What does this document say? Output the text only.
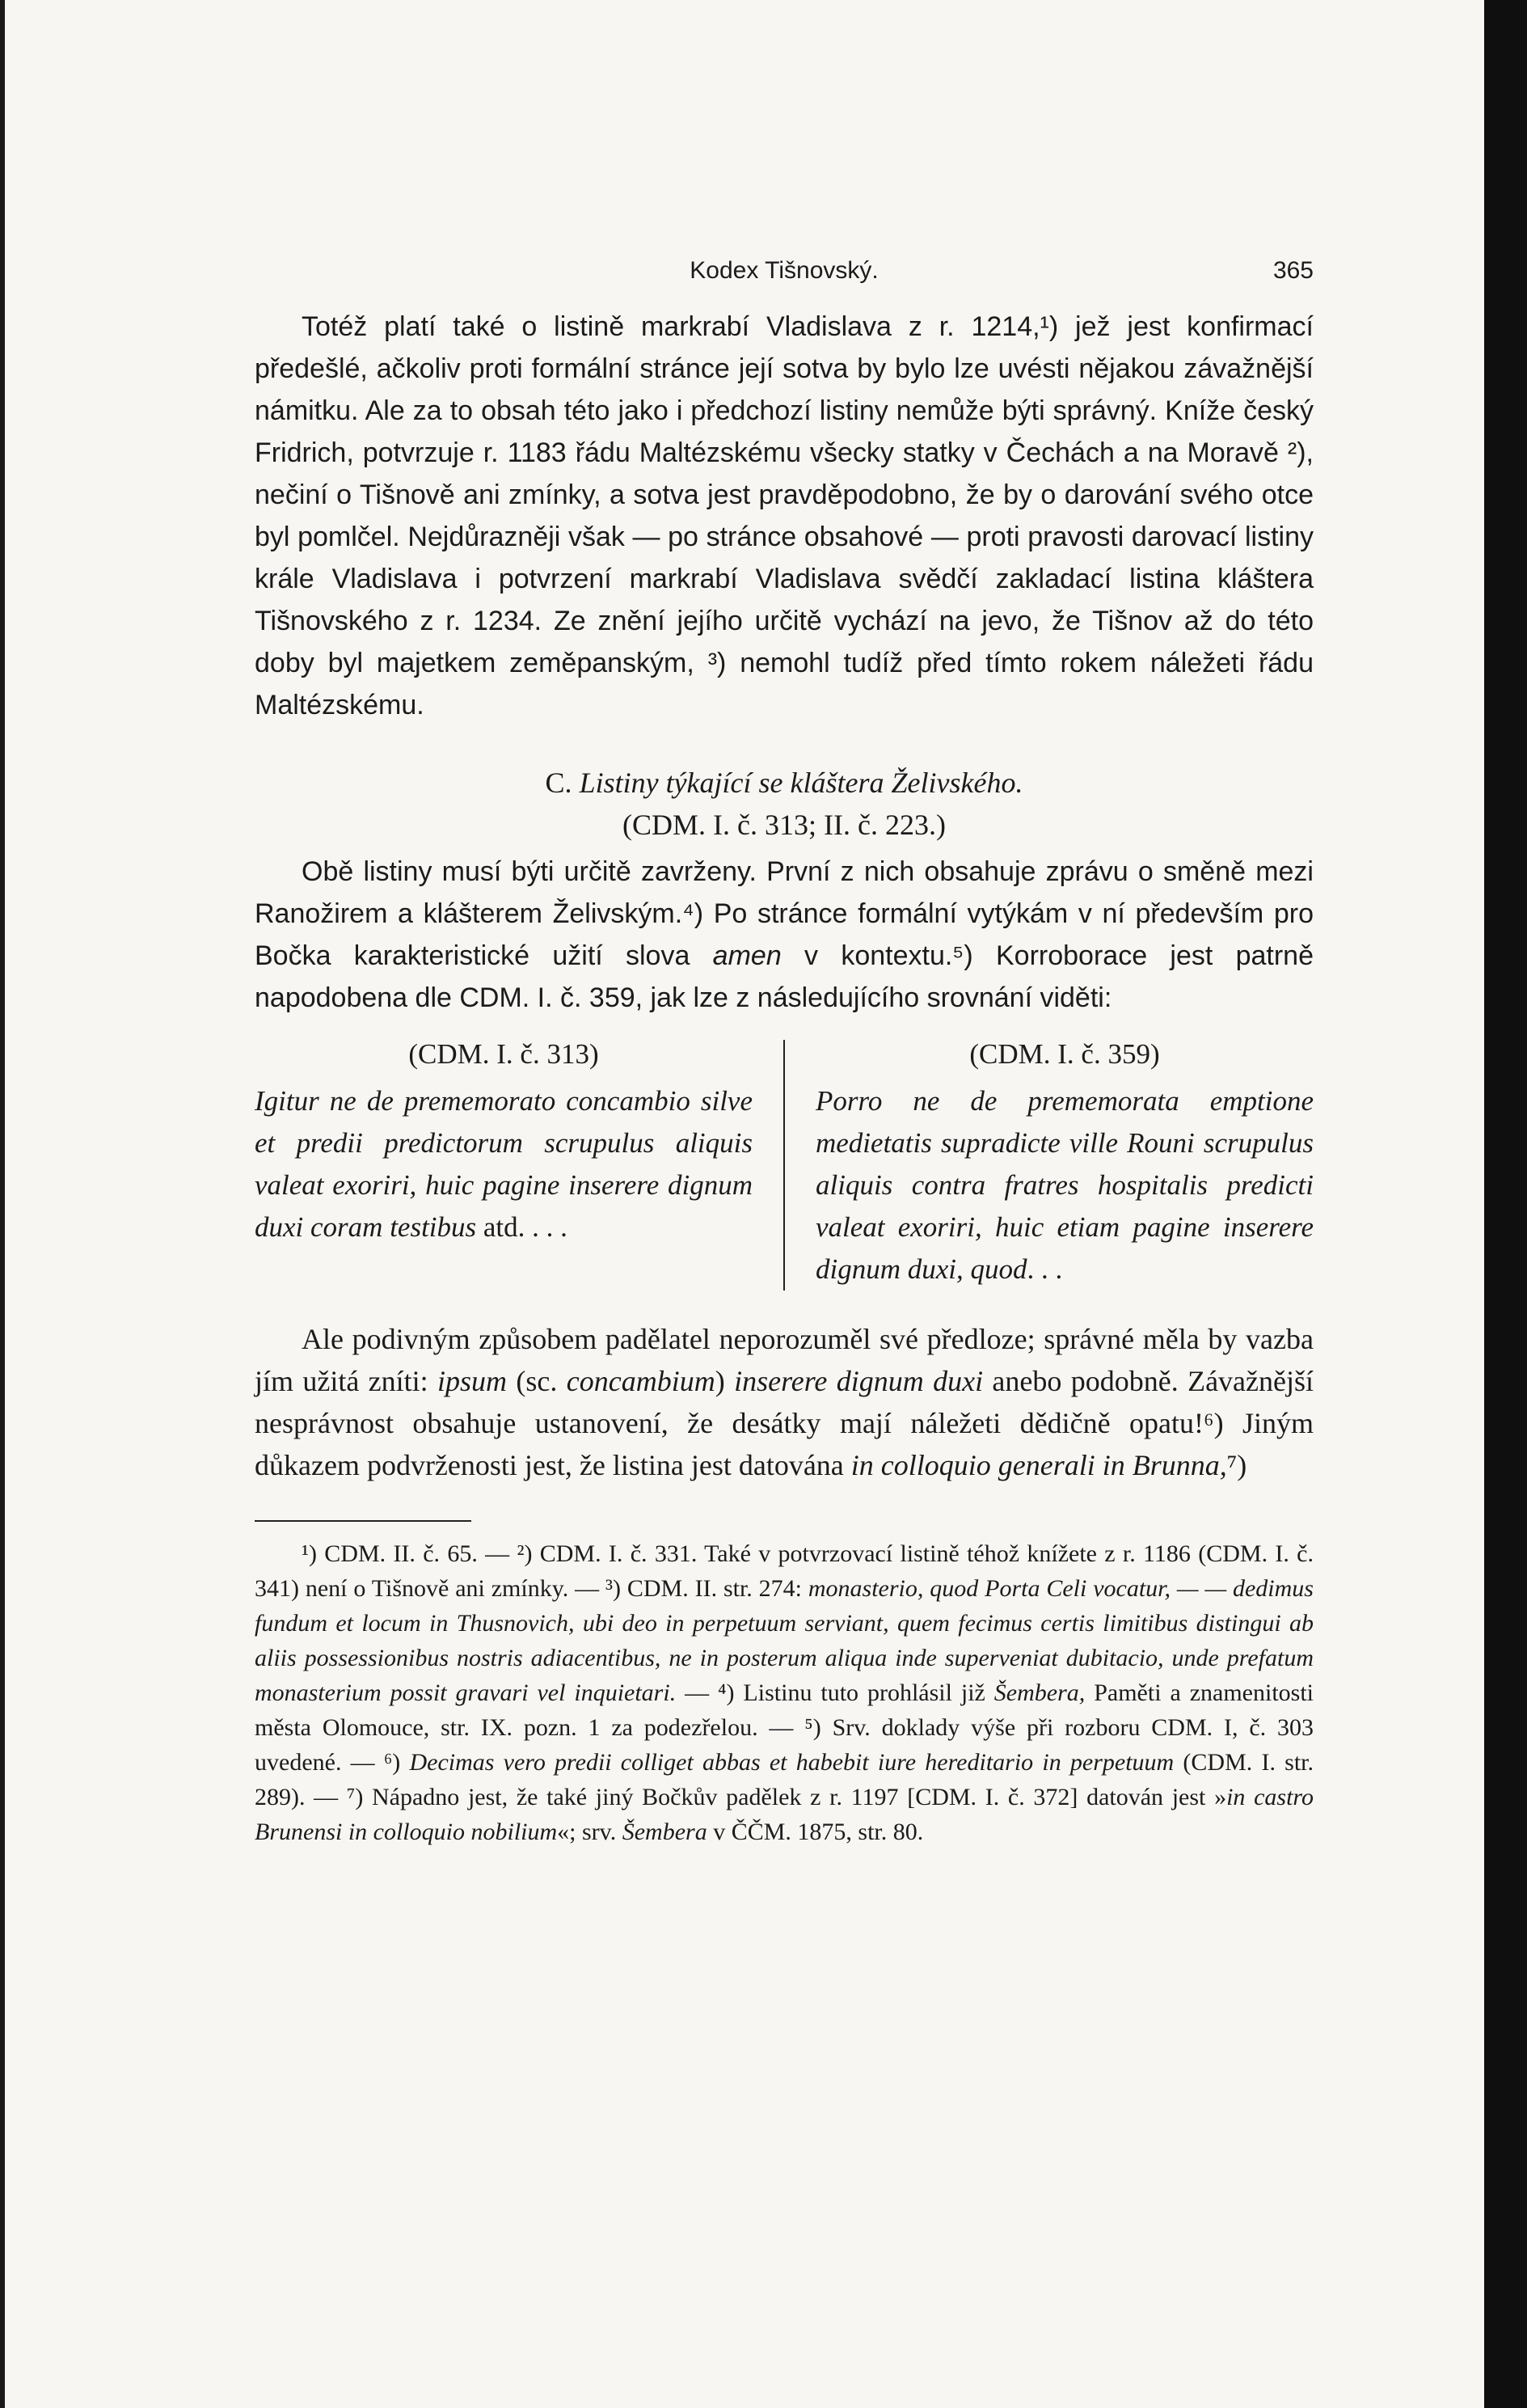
Kodex Tišnovský.	365

Totéž platí také o listině markrabí Vladislava z r. 1214,¹) jež jest konfirmací předešlé, ačkoliv proti formální stránce její sotva by bylo lze uvésti nějakou závažnější námitku. Ale za to obsah této jako i předchozí listiny nemůže býti správný. Kníže český Fridrich, potvrzuje r. 1183 řádu Maltézskému všecky statky v Čechách a na Moravě ²), nečiní o Tišnově ani zmínky, a sotva jest pravděpodobno, že by o darování svého otce byl pomlčel. Nejdůrazněji však — po stránce obsahové — proti pravosti darovací listiny krále Vladislava i potvrzení markrabí Vladislava svědčí zakladací listina kláštera Tišnovského z r. 1234. Ze znění jejího určitě vychází na jevo, že Tišnov až do této doby byl majetkem zeměpanským, ³) nemohl tudíž před tímto rokem náležeti řádu Maltézskému.

C. Listiny týkající se kláštera Želivského.
(CDM. I. č. 313; II. č. 223.)

Obě listiny musí býti určitě zavrženy. První z nich obsahuje zprávu o směně mezi Ranožirem a klášterem Želivským.⁴) Po stránce formální vytýkám v ní především pro Bočka karakteristické užití slova amen v kontextu.⁵) Korroborace jest patrně napodobena dle CDM. I. č. 359, jak lze z následujícího srovnání viděti:

(CDM. I. č. 313)
Igitur ne de prememorato concambio silve et predii predictorum scrupulus aliquis valeat exoriri, huic pagine inserere dignum duxi coram testibus atd. . . .
(CDM. I. č. 359)
Porro ne de prememorata emptione medietatis supradicte ville Rouni scrupulus aliquis contra fratres hospitalis predicti valeat exoriri, huic etiam pagine inserere dignum duxi, quod. . .

Ale podivným způsobem padělatel neporozuměl své předloze; správné měla by vazba jím užitá zníti: ipsum (sc. concambium) inserere dignum duxi anebo podobně. Závažnější nesprávnost obsahuje ustanovení, že desátky mají náležeti dědičně opatu!⁶) Jiným důkazem podvrženosti jest, že listina jest datována in colloquio generali in Brunna,⁷)

¹) CDM. II. č. 65. — ²) CDM. I. č. 331. Také v potvrzovací listině téhož knížete z r. 1186 (CDM. I. č. 341) není o Tišnově ani zmínky. — ³) CDM. II. str. 274: monasterio, quod Porta Celi vocatur, — — dedimus fundum et locum in Thusnovich, ubi deo in perpetuum serviant, quem fecimus certis limitibus distingui ab aliis possessionibus nostris adiacentibus, ne in posterum aliqua inde superveniat dubitacio, unde prefatum monasterium possit gravari vel inquietari. — ⁴) Listinu tuto prohlásil již Šembera, Paměti a znamenitosti města Olomouce, str. IX. pozn. 1 za podezřelou. — ⁵) Srv. doklady výše při rozboru CDM. I, č. 303 uvedené. — ⁶) Decimas vero predii colliget abbas et habebit iure hereditario in perpetuum (CDM. I. str. 289). — ⁷) Nápadno jest, že také jiný Bočkův padělek z r. 1197 [CDM. I. č. 372] datován jest »in castro Brunensi in colloquio nobilium«; srv. Šembera v ČČM. 1875, str. 80.
